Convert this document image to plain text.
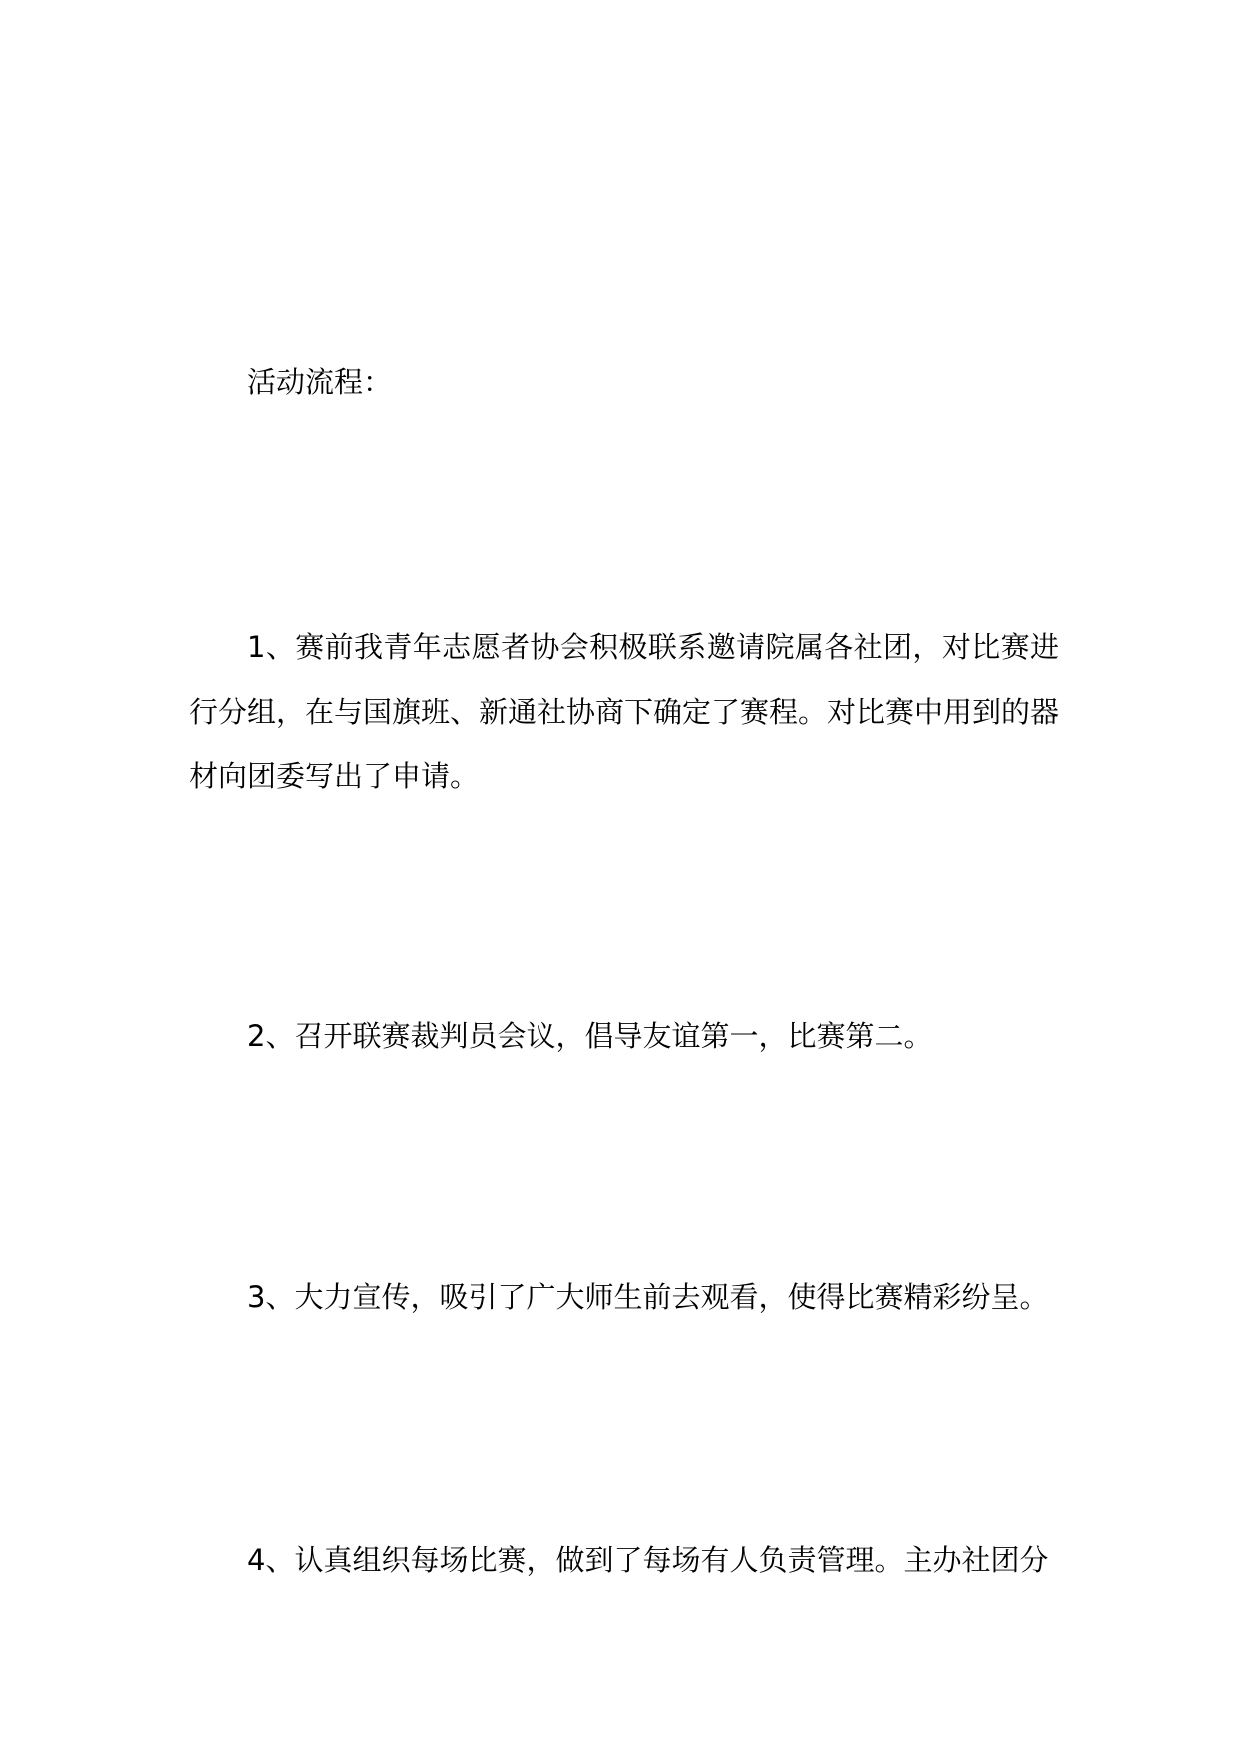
活动流程：
1、赛前我青年志愿者协会积极联系邀请院属各社团，对比赛进
行分组，在与国旗班、新通社协商下确定了赛程。对比赛中用到的器
材向团委写出了申请。
2、召开联赛裁判员会议，倡导友谊第一，比赛第二。
3、大力宣传，吸引了广大师生前去观看，使得比赛精彩纷呈。
4、认真组织每场比赛，做到了每场有人负责管理。主办社团分
